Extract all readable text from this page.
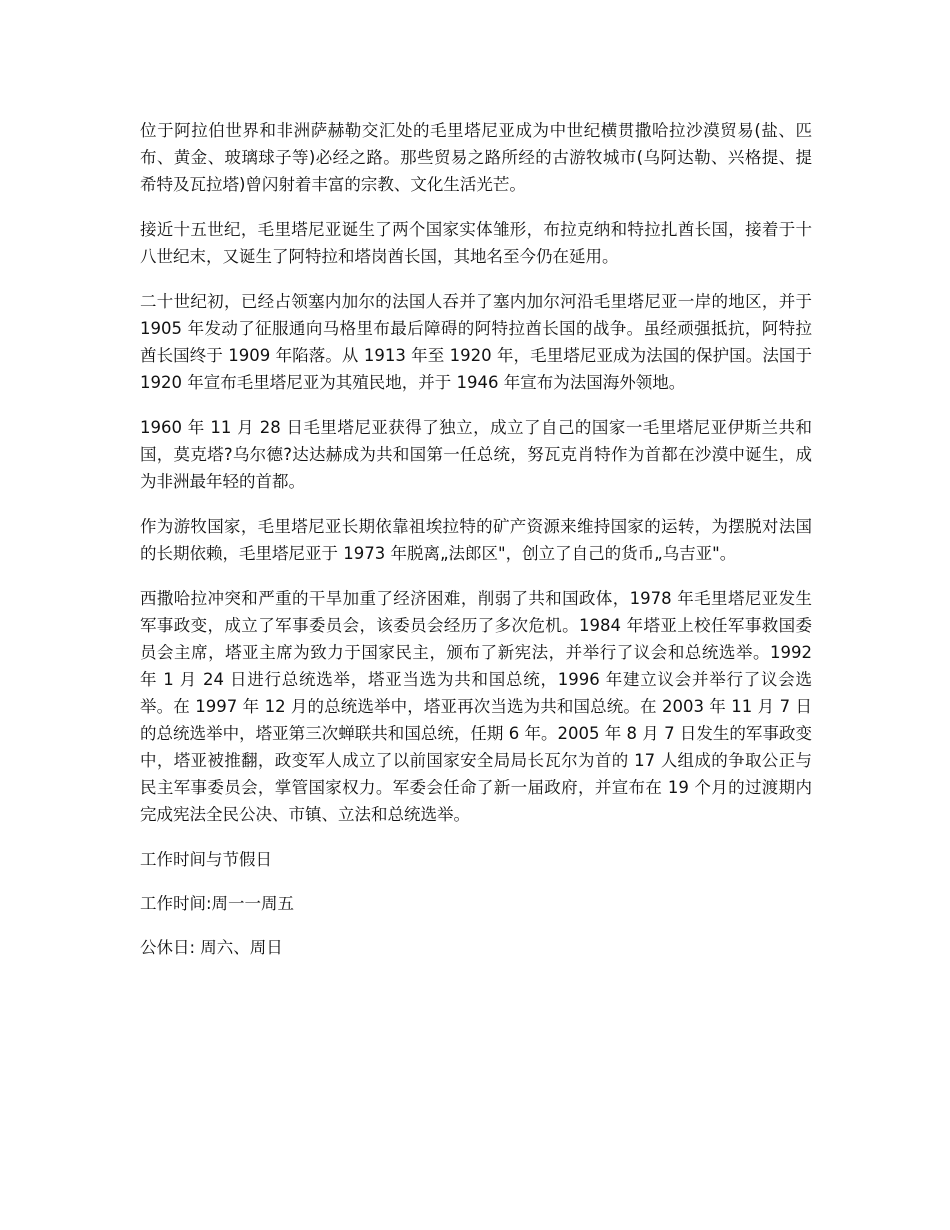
位于阿拉伯世界和非洲萨赫勒交汇处的毛里塔尼亚成为中世纪横贯撒哈拉沙漠贸易(盐、匹布、黄金、玻璃球子等)必经之路。那些贸易之路所经的古游牧城市(乌阿达勒、兴格提、提希特及瓦拉塔)曾闪射着丰富的宗教、文化生活光芒。

接近十五世纪，毛里塔尼亚诞生了两个国家实体雏形，布拉克纳和特拉扎酋长国，接着于十八世纪末，又诞生了阿特拉和塔岗酋长国，其地名至今仍在延用。

二十世纪初，已经占领塞内加尔的法国人吞并了塞内加尔河沿毛里塔尼亚一岸的地区，并于 1905 年发动了征服通向马格里布最后障碍的阿特拉酋长国的战争。虽经顽强抵抗，阿特拉酋长国终于 1909 年陷落。从 1913 年至 1920 年，毛里塔尼亚成为法国的保护国。法国于 1920 年宣布毛里塔尼亚为其殖民地，并于 1946 年宣布为法国海外领地。

1960 年 11 月 28 日毛里塔尼亚获得了独立，成立了自己的国家一毛里塔尼亚伊斯兰共和国，莫克塔?乌尔德?达达赫成为共和国第一任总统，努瓦克肖特作为首都在沙漠中诞生，成为非洲最年轻的首都。

作为游牧国家，毛里塔尼亚长期依靠祖埃拉特的矿产资源来维持国家的运转，为摆脱对法国的长期依赖，毛里塔尼亚于 1973 年脱离„法郎区"，创立了自己的货币„乌吉亚"。

西撒哈拉冲突和严重的干旱加重了经济困难，削弱了共和国政体，1978 年毛里塔尼亚发生军事政变，成立了军事委员会，该委员会经历了多次危机。1984 年塔亚上校任军事救国委员会主席，塔亚主席为致力于国家民主，颁布了新宪法，并举行了议会和总统选举。1992 年 1 月 24 日进行总统选举，塔亚当选为共和国总统，1996 年建立议会并举行了议会选举。在 1997 年 12 月的总统选举中，塔亚再次当选为共和国总统。在 2003 年 11 月 7 日的总统选举中，塔亚第三次蝉联共和国总统，任期 6 年。2005 年 8 月 7 日发生的军事政变中，塔亚被推翻，政变军人成立了以前国家安全局局长瓦尔为首的 17 人组成的争取公正与民主军事委员会，掌管国家权力。军委会任命了新一届政府，并宣布在 19 个月的过渡期内完成宪法全民公决、市镇、立法和总统选举。

工作时间与节假日

工作时间:周一一周五

公休日: 周六、周日
